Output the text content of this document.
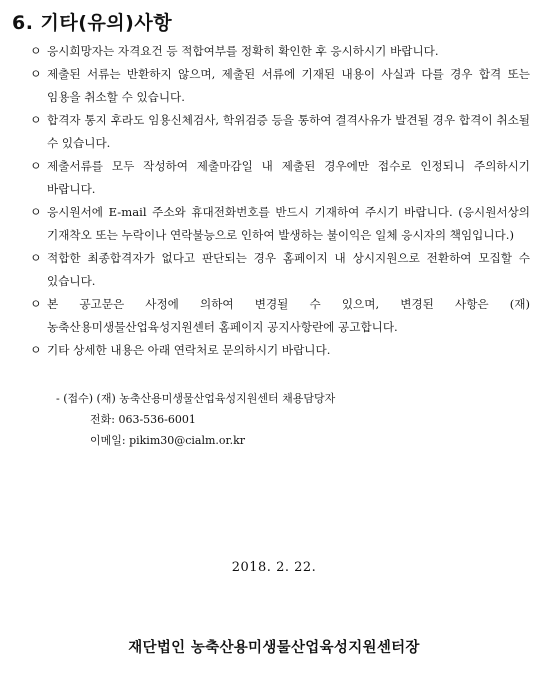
6. 기타(유의)사항
ㅇ 응시희망자는 자격요건 등 적합여부를 정확히 확인한 후 응시하시기 바랍니다.
ㅇ 제출된 서류는 반환하지 않으며, 제출된 서류에 기재된 내용이 사실과 다를 경우 합격 또는 임용을 취소할 수 있습니다.
ㅇ 합격자 통지 후라도 임용신체검사, 학위검증 등을 통하여 결격사유가 발견될 경우 합격이 취소될 수 있습니다.
ㅇ 제출서류를 모두 작성하여 제출마감일 내 제출된 경우에만 접수로 인정되니 주의하시기 바랍니다.
ㅇ 응시원서에 E-mail 주소와 휴대전화번호를 반드시 기재하여 주시기 바랍니다. (응시원서상의 기재착오 또는 누락이나 연락불능으로 인하여 발생하는 불이익은 일체 응시자의 책임입니다.)
ㅇ 적합한 최종합격자가 없다고 판단되는 경우 홈페이지 내 상시지원으로 전환하여 모집할 수 있습니다.
ㅇ 본 공고문은 사정에 의하여 변경될 수 있으며, 변경된 사항은 (재)농축산용미생물산업육성지원센터 홈페이지 공지사항란에 공고합니다.
ㅇ 기타 상세한 내용은 아래 연락처로 문의하시기 바랍니다.
- (접수) (재) 농축산용미생물산업육성지원센터 채용담당자
전화: 063-536-6001
이메일: pikim30@cialm.or.kr
2018. 2. 22.
재단법인 농축산용미생물산업육성지원센터장
